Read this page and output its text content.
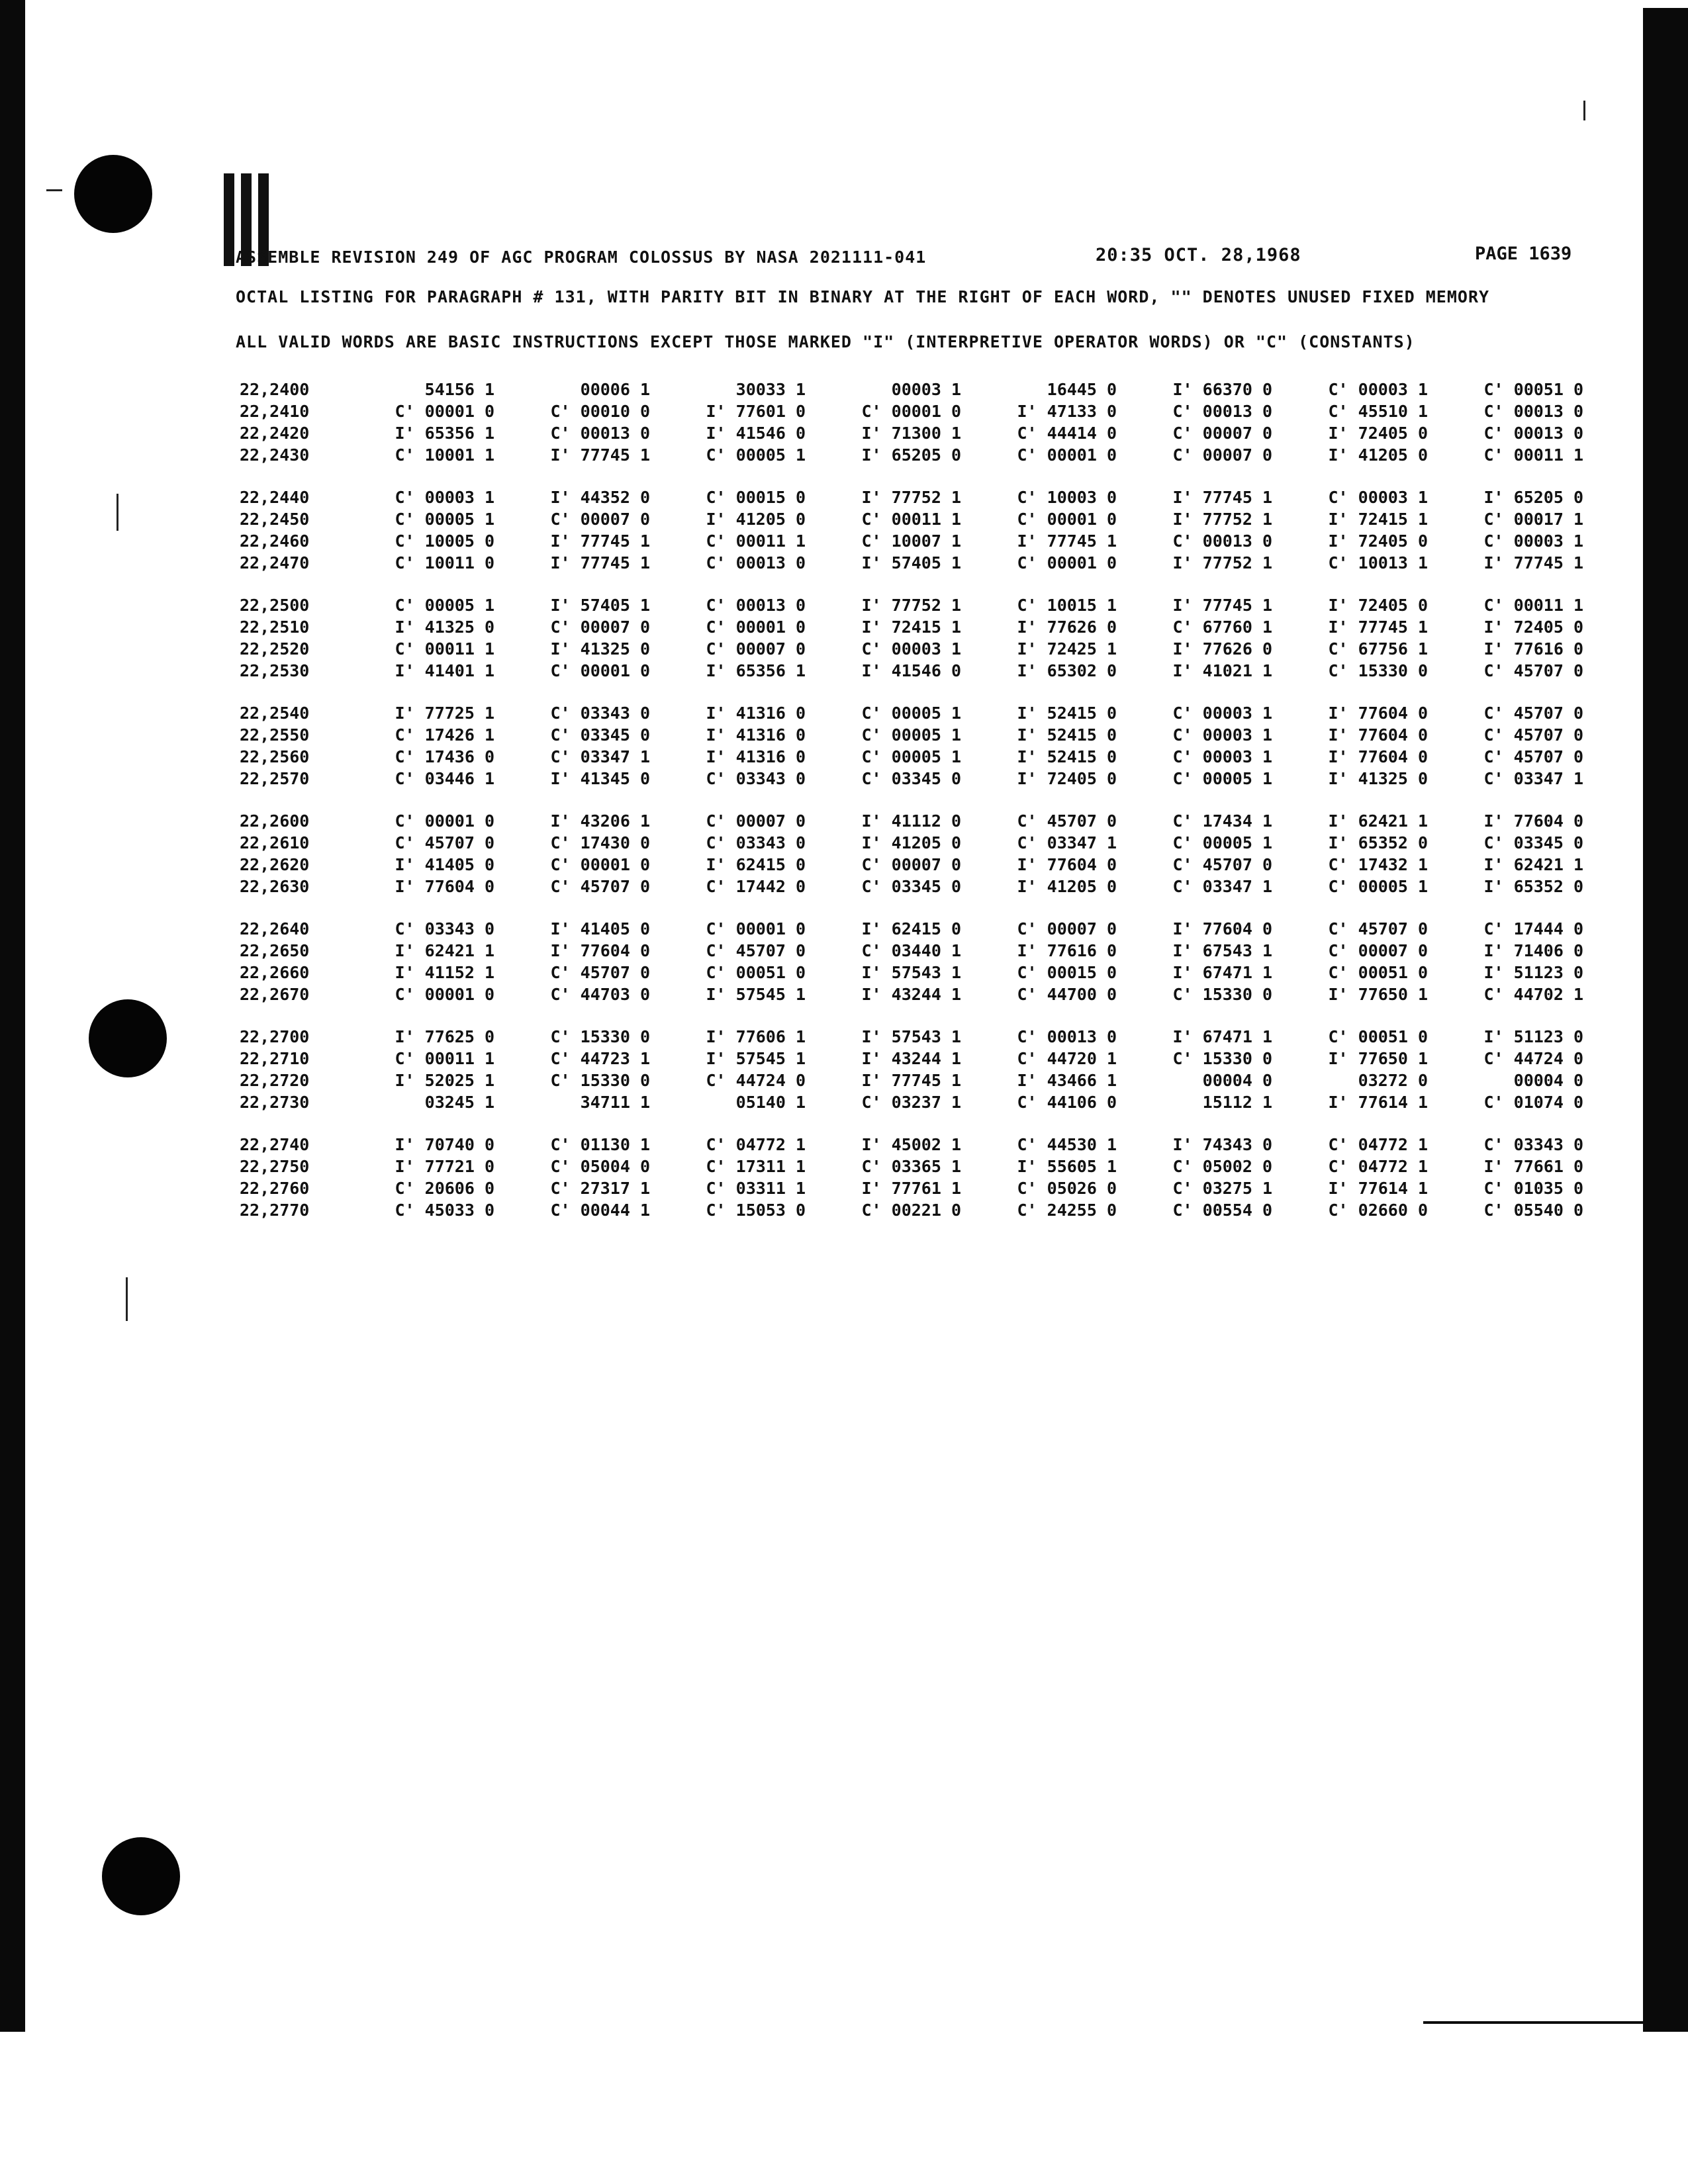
ASSEMBLE REVISION 249 OF AGC PROGRAM COLOSSUS BY NASA 2021111-041	20:35 OCT. 28,1968	PAGE 1639
OCTAL LISTING FOR PARAGRAPH # 131, WITH PARITY BIT IN BINARY AT THE RIGHT OF EACH WORD, "" DENOTES UNUSED FIXED MEMORY
ALL VALID WORDS ARE BASIC INSTRUCTIONS EXCEPT THOSE MARKED "I" (INTERPRETIVE OPERATOR WORDS) OR "C" (CONSTANTS)
22,2400	54156 1	00006 1	30033 1	00003 1	16445 0	I' 66370 0	C' 00003 1	C' 00051 0
22,2410	C' 00001 0	C' 00010 0	I' 77601 0	C' 00001 0	I' 47133 0	C' 00013 0	C' 45510 1	C' 00013 0
22,2420	I' 65356 1	C' 00013 0	I' 41546 0	I' 71300 1	C' 44414 0	C' 00007 0	I' 72405 0	C' 00013 0
22,2430	C' 10001 1	I' 77745 1	C' 00005 1	I' 65205 0	C' 00001 0	C' 00007 0	I' 41205 0	C' 00011 1

22,2440	C' 00003 1	I' 44352 0	C' 00015 0	I' 77752 1	C' 10003 0	I' 77745 1	C' 00003 1	I' 65205 0
22,2450	C' 00005 1	C' 00007 0	I' 41205 0	C' 00011 1	C' 00001 0	I' 77752 1	I' 72415 1	C' 00017 1
22,2460	C' 10005 0	I' 77745 1	C' 00011 1	C' 10007 1	I' 77745 1	C' 00013 0	I' 72405 0	C' 00003 1
22,2470	C' 10011 0	I' 77745 1	C' 00013 0	I' 57405 1	C' 00001 0	I' 77752 1	C' 10013 1	I' 77745 1

22,2500	C' 00005 1	I' 57405 1	C' 00013 0	I' 77752 1	C' 10015 1	I' 77745 1	I' 72405 0	C' 00011 1
22,2510	I' 41325 0	C' 00007 0	C' 00001 0	I' 72415 1	I' 77626 0	C' 67760 1	I' 77745 1	I' 72405 0
22,2520	C' 00011 1	I' 41325 0	C' 00007 0	C' 00003 1	I' 72425 1	I' 77626 0	C' 67756 1	I' 77616 0
22,2530	I' 41401 1	C' 00001 0	I' 65356 1	I' 41546 0	I' 65302 0	I' 41021 1	C' 15330 0	C' 45707 0

22,2540	I' 77725 1	C' 03343 0	I' 41316 0	C' 00005 1	I' 52415 0	C' 00003 1	I' 77604 0	C' 45707 0
22,2550	C' 17426 1	C' 03345 0	I' 41316 0	C' 00005 1	I' 52415 0	C' 00003 1	I' 77604 0	C' 45707 0
22,2560	C' 17436 0	C' 03347 1	I' 41316 0	C' 00005 1	I' 52415 0	C' 00003 1	I' 77604 0	C' 45707 0
22,2570	C' 03446 1	I' 41345 0	C' 03343 0	C' 03345 0	I' 72405 0	C' 00005 1	I' 41325 0	C' 03347 1

22,2600	C' 00001 0	I' 43206 1	C' 00007 0	I' 41112 0	C' 45707 0	C' 17434 1	I' 62421 1	I' 77604 0
22,2610	C' 45707 0	C' 17430 0	C' 03343 0	I' 41205 0	C' 03347 1	C' 00005 1	I' 65352 0	C' 03345 0
22,2620	I' 41405 0	C' 00001 0	I' 62415 0	C' 00007 0	I' 77604 0	C' 45707 0	C' 17432 1	I' 62421 1
22,2630	I' 77604 0	C' 45707 0	C' 17442 0	C' 03345 0	I' 41205 0	C' 03347 1	C' 00005 1	I' 65352 0

22,2640	C' 03343 0	I' 41405 0	C' 00001 0	I' 62415 0	C' 00007 0	I' 77604 0	C' 45707 0	C' 17444 0
22,2650	I' 62421 1	I' 77604 0	C' 45707 0	C' 03440 1	I' 77616 0	I' 67543 1	C' 00007 0	I' 71406 0
22,2660	I' 41152 1	C' 45707 0	C' 00051 0	I' 57543 1	C' 00015 0	I' 67471 1	C' 00051 0	I' 51123 0
22,2670	C' 00001 0	C' 44703 0	I' 57545 1	I' 43244 1	C' 44700 0	C' 15330 0	I' 77650 1	C' 44702 1

22,2700	I' 77625 0	C' 15330 0	I' 77606 1	I' 57543 1	C' 00013 0	I' 67471 1	C' 00051 0	I' 51123 0
22,2710	C' 00011 1	C' 44723 1	I' 57545 1	I' 43244 1	C' 44720 1	C' 15330 0	I' 77650 1	C' 44724 0
22,2720	I' 52025 1	C' 15330 0	C' 44724 0	I' 77745 1	I' 43466 1	00004 0	03272 0	00004 0
22,2730	03245 1	34711 1	05140 1	C' 03237 1	C' 44106 0	15112 1	I' 77614 1	C' 01074 0

22,2740	I' 70740 0	C' 01130 1	C' 04772 1	I' 45002 1	C' 44530 1	I' 74343 0	C' 04772 1	C' 03343 0
22,2750	I' 77721 0	C' 05004 0	C' 17311 1	C' 03365 1	I' 55605 1	C' 05002 0	C' 04772 1	I' 77661 0
22,2760	C' 20606 0	C' 27317 1	C' 03311 1	I' 77761 1	C' 05026 0	C' 03275 1	I' 77614 1	C' 01035 0
22,2770	C' 45033 0	C' 00044 1	C' 15053 0	C' 00221 0	C' 24255 0	C' 00554 0	C' 02660 0	C' 05540 0
